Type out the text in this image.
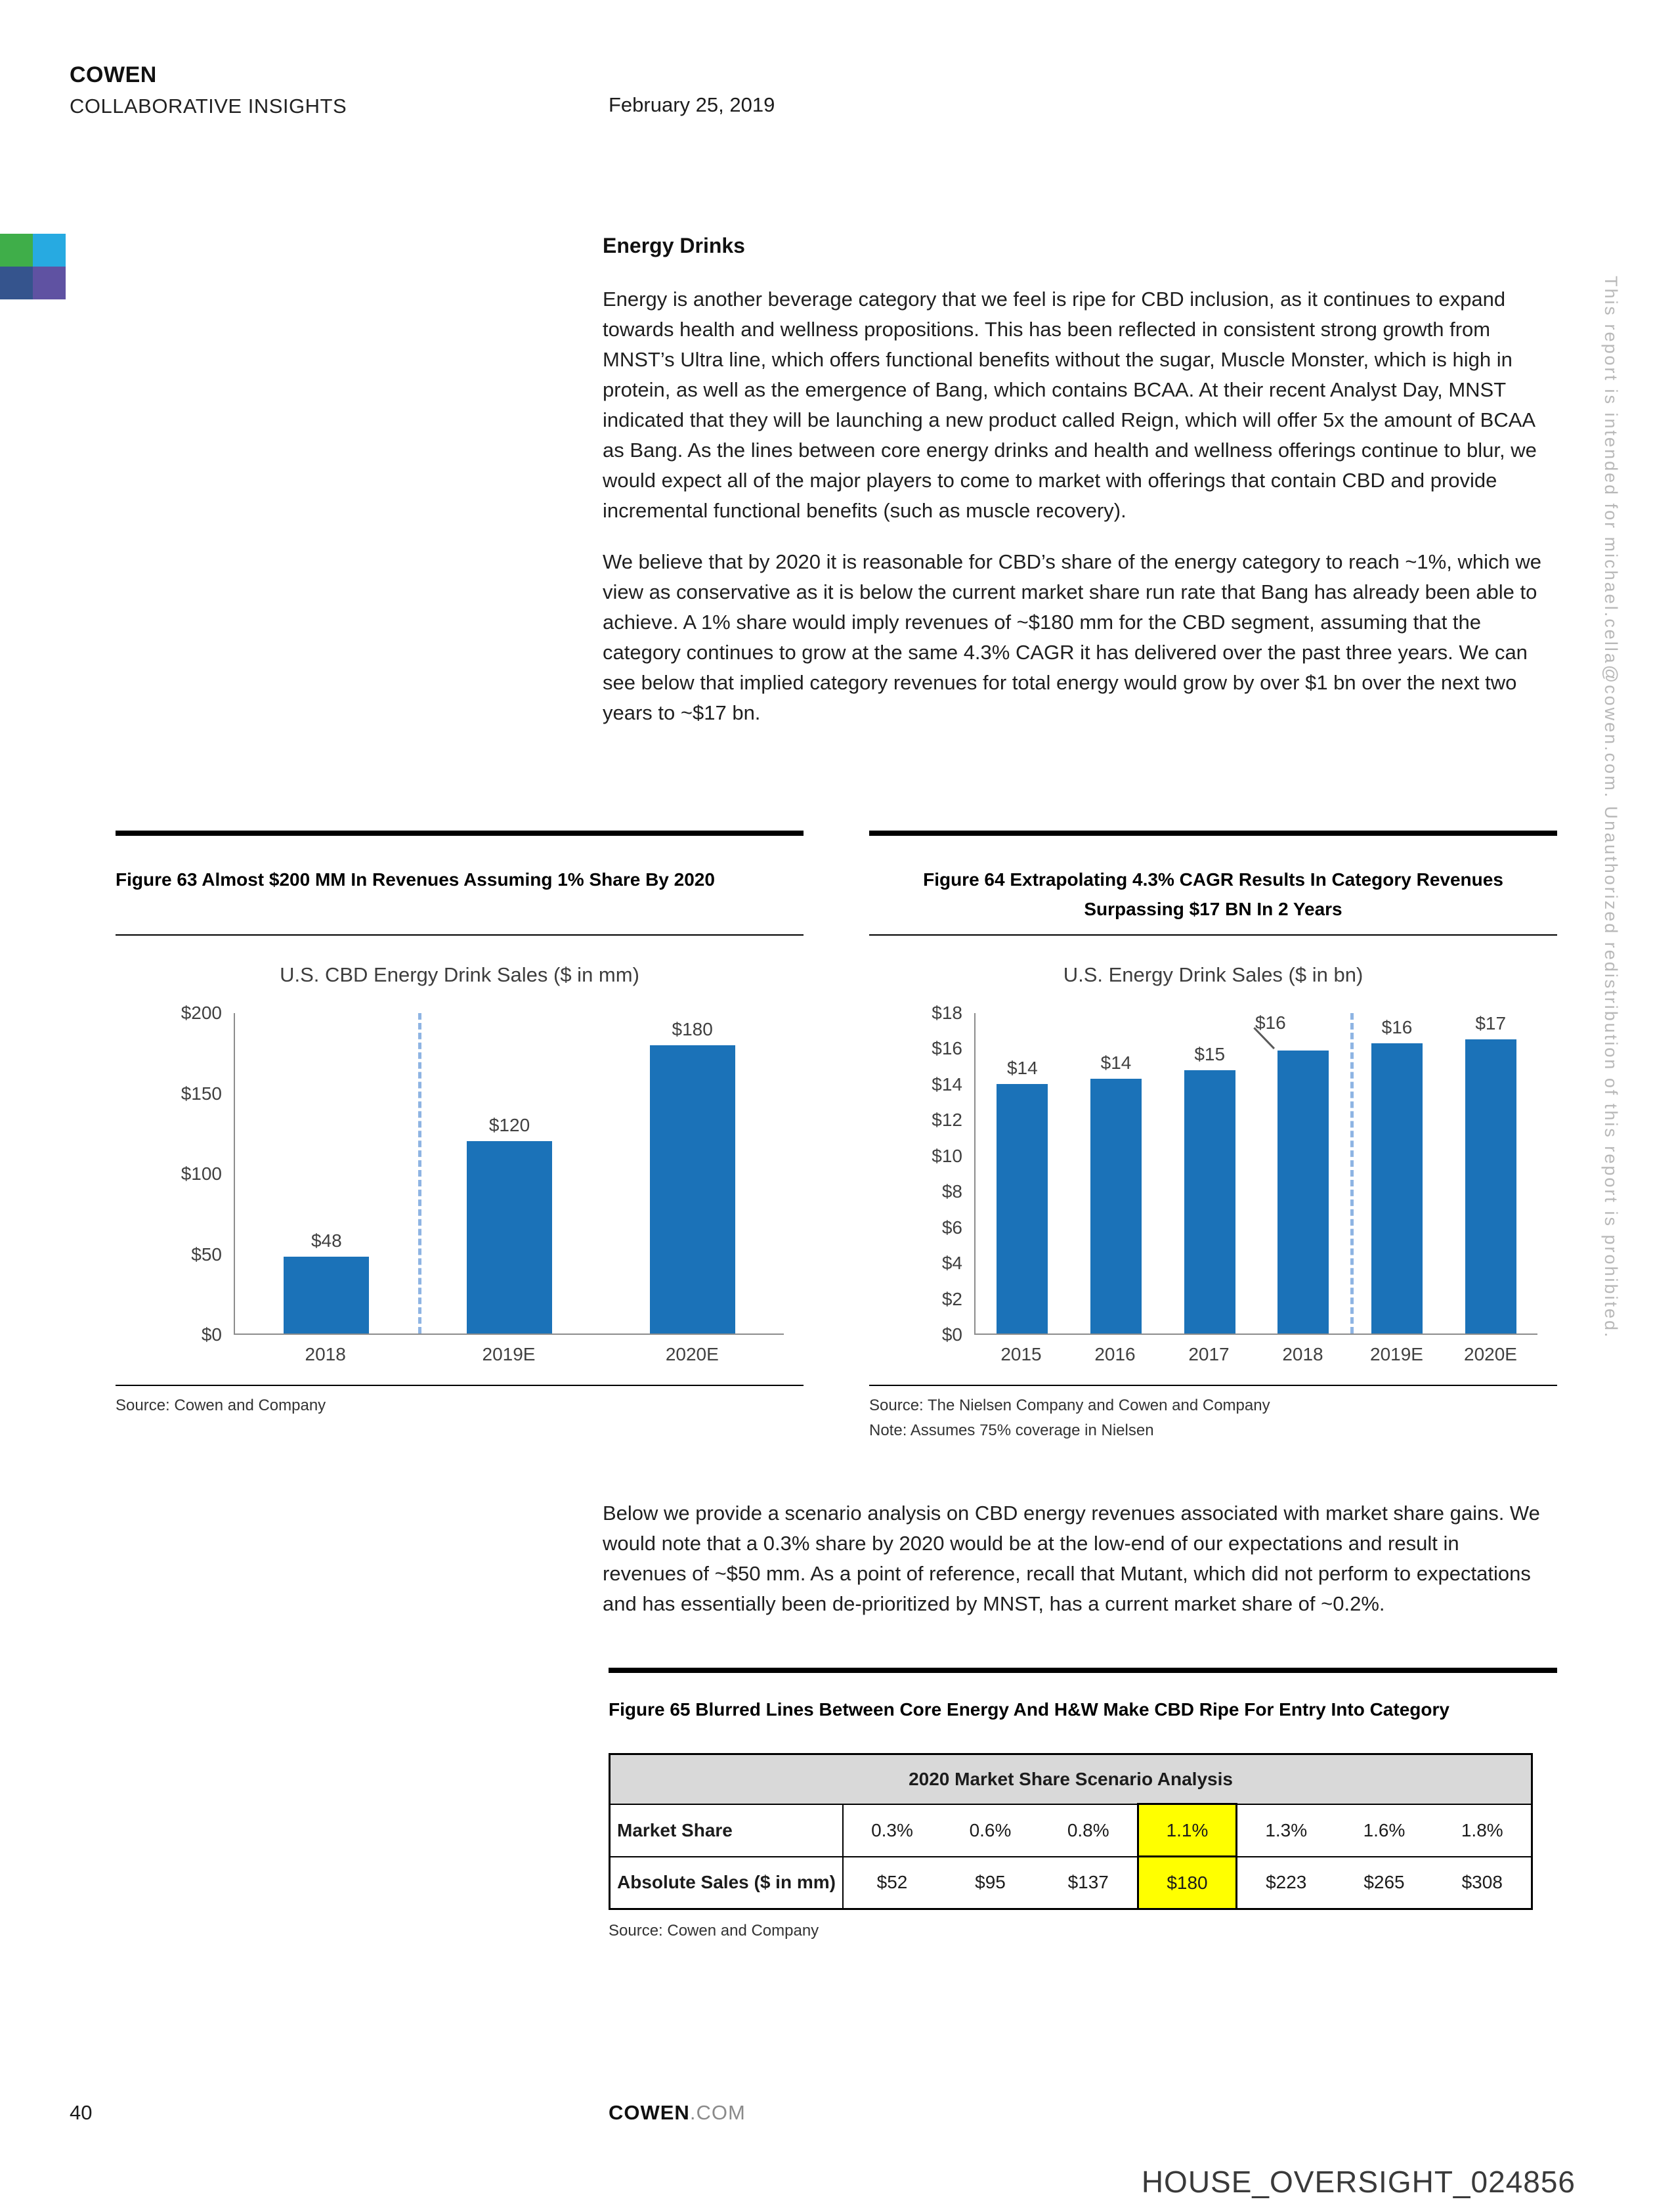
COWEN
COLLABORATIVE INSIGHTS	February 25, 2019
Energy Drinks

Energy is another beverage category that we feel is ripe for CBD inclusion, as it continues to expand towards health and wellness propositions. This has been reflected in consistent strong growth from MNST’s Ultra line, which offers functional benefits without the sugar, Muscle Monster, which is high in protein, as well as the emergence of Bang, which contains BCAA. At their recent Analyst Day, MNST indicated that they will be launching a new product called Reign, which will offer 5x the amount of BCAA as Bang. As the lines between core energy drinks and health and wellness offerings continue to blur, we would expect all of the major players to come to market with offerings that contain CBD and provide incremental functional benefits (such as muscle recovery).

We believe that by 2020 it is reasonable for CBD’s share of the energy category to reach ~1%, which we view as conservative as it is below the current market share run rate that Bang has already been able to achieve. A 1% share would imply revenues of ~$180 mm for the CBD segment, assuming that the category continues to grow at the same 4.3% CAGR it has delivered over the past three years. We can see below that implied category revenues for total energy would grow by over $1 bn over the next two years to ~$17 bn.

Figure 63 Almost $200 MM In Revenues Assuming 1% Share By 2020
U.S. CBD Energy Drink Sales ($ in mm)
$200
$150
$100
$50
$0
$48
$120
$180
2018	2019E	2020E
Source: Cowen and Company
Figure 64 Extrapolating 4.3% CAGR Results In Category Revenues
Surpassing $17 BN In 2 Years
U.S. Energy Drink Sales ($ in bn)
$18
$16
$14
$12
$10
$8
$6
$4
$2
$0
$14	$14	$15
$16	$16	$17
2015	2016	2017	2018	2019E	2020E
Source: The Nielsen Company and Cowen and Company
Note: Assumes 75% coverage in Nielsen

Below we provide a scenario analysis on CBD energy revenues associated with market share gains. We would note that a 0.3% share by 2020 would be at the low-end of our expectations and result in revenues of ~$50 mm. As a point of reference, recall that Mutant, which did not perform to expectations and has essentially been de-prioritized by MNST, has a current market share of ~0.2%.

Figure 65 Blurred Lines Between Core Energy And H&W Make CBD Ripe For Entry Into Category
2020 Market Share Scenario Analysis							
Market Share	0.3%	0.6%	0.8%	1.1%	1.3%	1.6%	1.8%
Absolute Sales ($ in mm)	$52	$95	$137	$180	$223	$265	$308
Source: Cowen and Company
40	COWEN.COM
This report is intended for michael.cella@cowen.com. Unauthorized redistribution of this report is prohibited.
HOUSE_OVERSIGHT_024856
